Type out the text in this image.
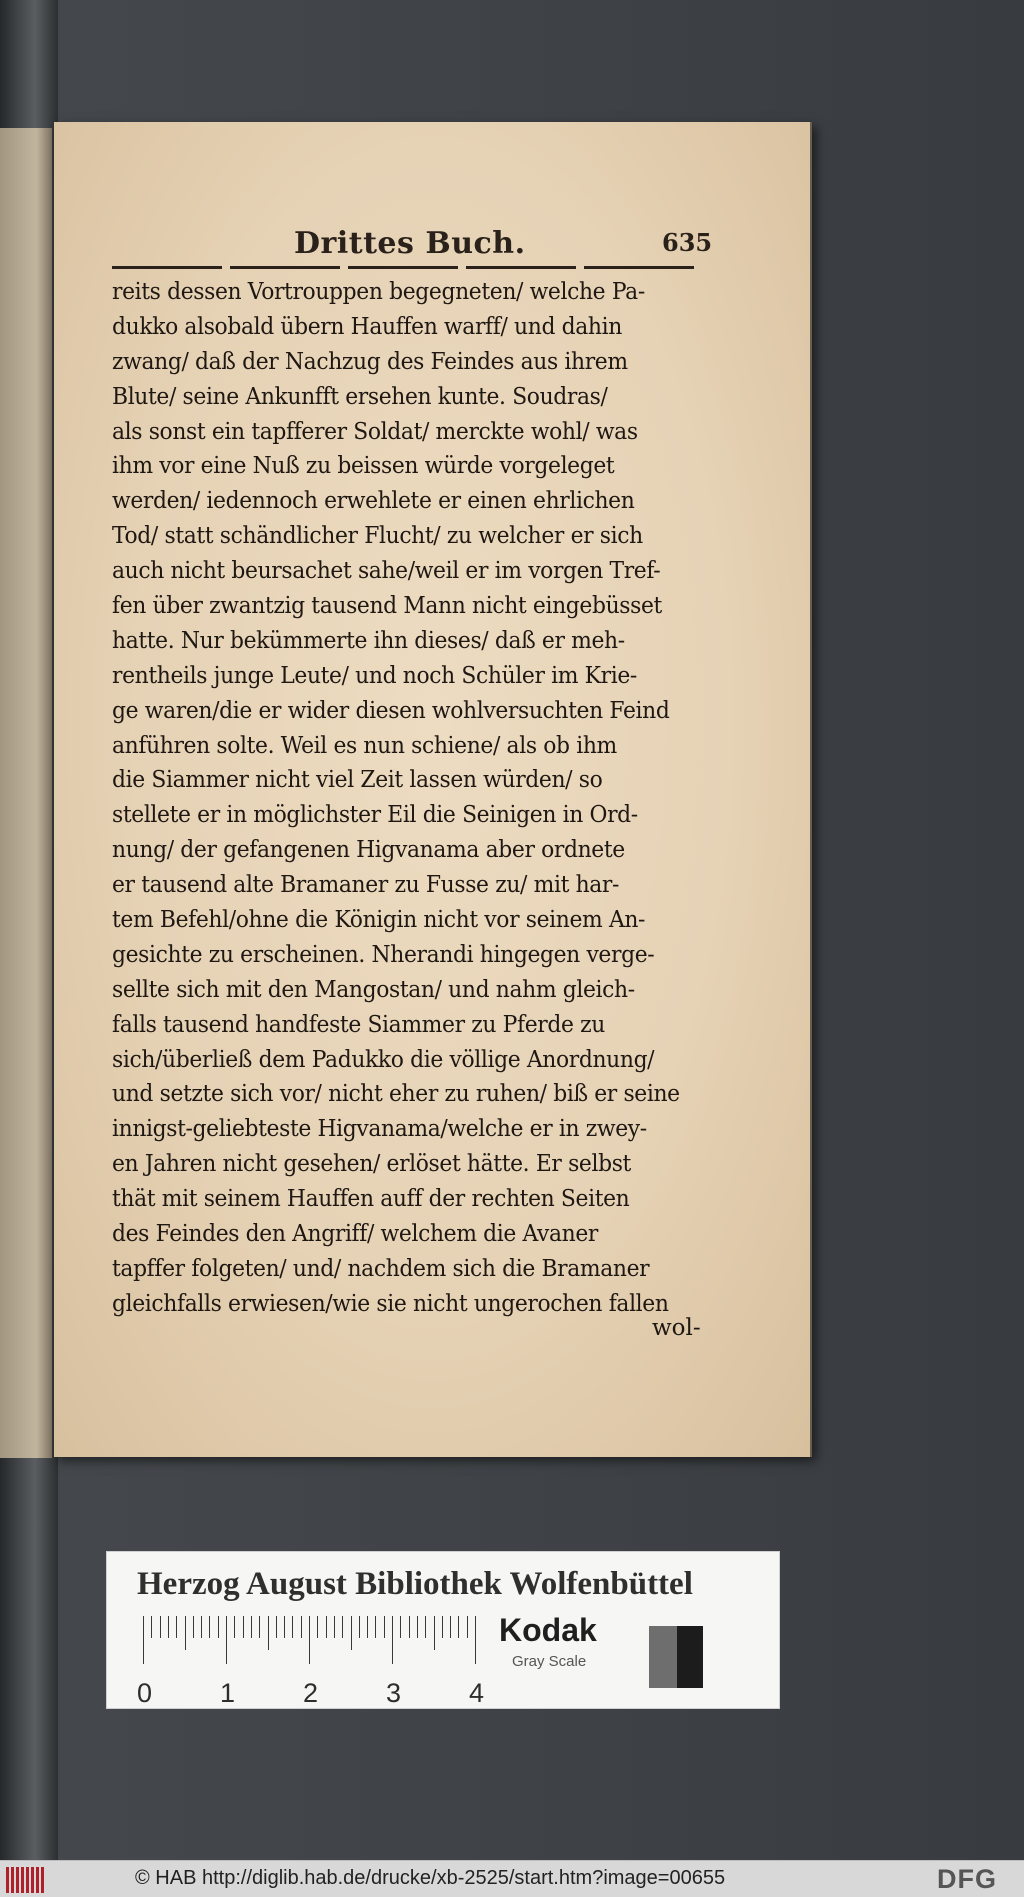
Drittes Buch.	635
reits dessen Vortrouppen begegneten/ welche Pa-
dukko alsobald übern Hauffen warff/ und dahin
zwang/ daß der Nachzug des Feindes aus ihrem
Blute/ seine Ankunfft ersehen kunte. Soudras/
als sonst ein tapfferer Soldat/ merckte wohl/ was
ihm vor eine Nuß zu beissen würde vorgeleget
werden/ iedennoch erwehlete er einen ehrlichen
Tod/ statt schändlicher Flucht/ zu welcher er sich
auch nicht beursachet sahe/weil er im vorgen Tref-
fen über zwantzig tausend Mann nicht eingebüsset
hatte. Nur bekümmerte ihn dieses/ daß er meh-
rentheils junge Leute/ und noch Schüler im Krie-
ge waren/die er wider diesen wohlversuchten Feind
anführen solte. Weil es nun schiene/ als ob ihm
die Siammer nicht viel Zeit lassen würden/ so
stellete er in möglichster Eil die Seinigen in Ord-
nung/ der gefangenen Higvanama aber ordnete
er tausend alte Bramaner zu Fusse zu/ mit har-
tem Befehl/ohne die Königin nicht vor seinem An-
gesichte zu erscheinen. Nherandi hingegen verge-
sellte sich mit den Mangostan/ und nahm gleich-
falls tausend handfeste Siammer zu Pferde zu
sich/überließ dem Padukko die völlige Anordnung/
und setzte sich vor/ nicht eher zu ruhen/ biß er seine
innigst-geliebteste Higvanama/welche er in zwey-
en Jahren nicht gesehen/ erlöset hätte. Er selbst
thät mit seinem Hauffen auff der rechten Seiten
des Feindes den Angriff/ welchem die Avaner
tapffer folgeten/ und/ nachdem sich die Bramaner
gleichfalls erwiesen/wie sie nicht ungerochen fallen
wol-
Herzog August Bibliothek Wolfenbüttel
0	1	2	3	4
Kodak
Gray Scale
© HAB http://diglib.hab.de/drucke/xb-2525/start.htm?image=00655	DFG
